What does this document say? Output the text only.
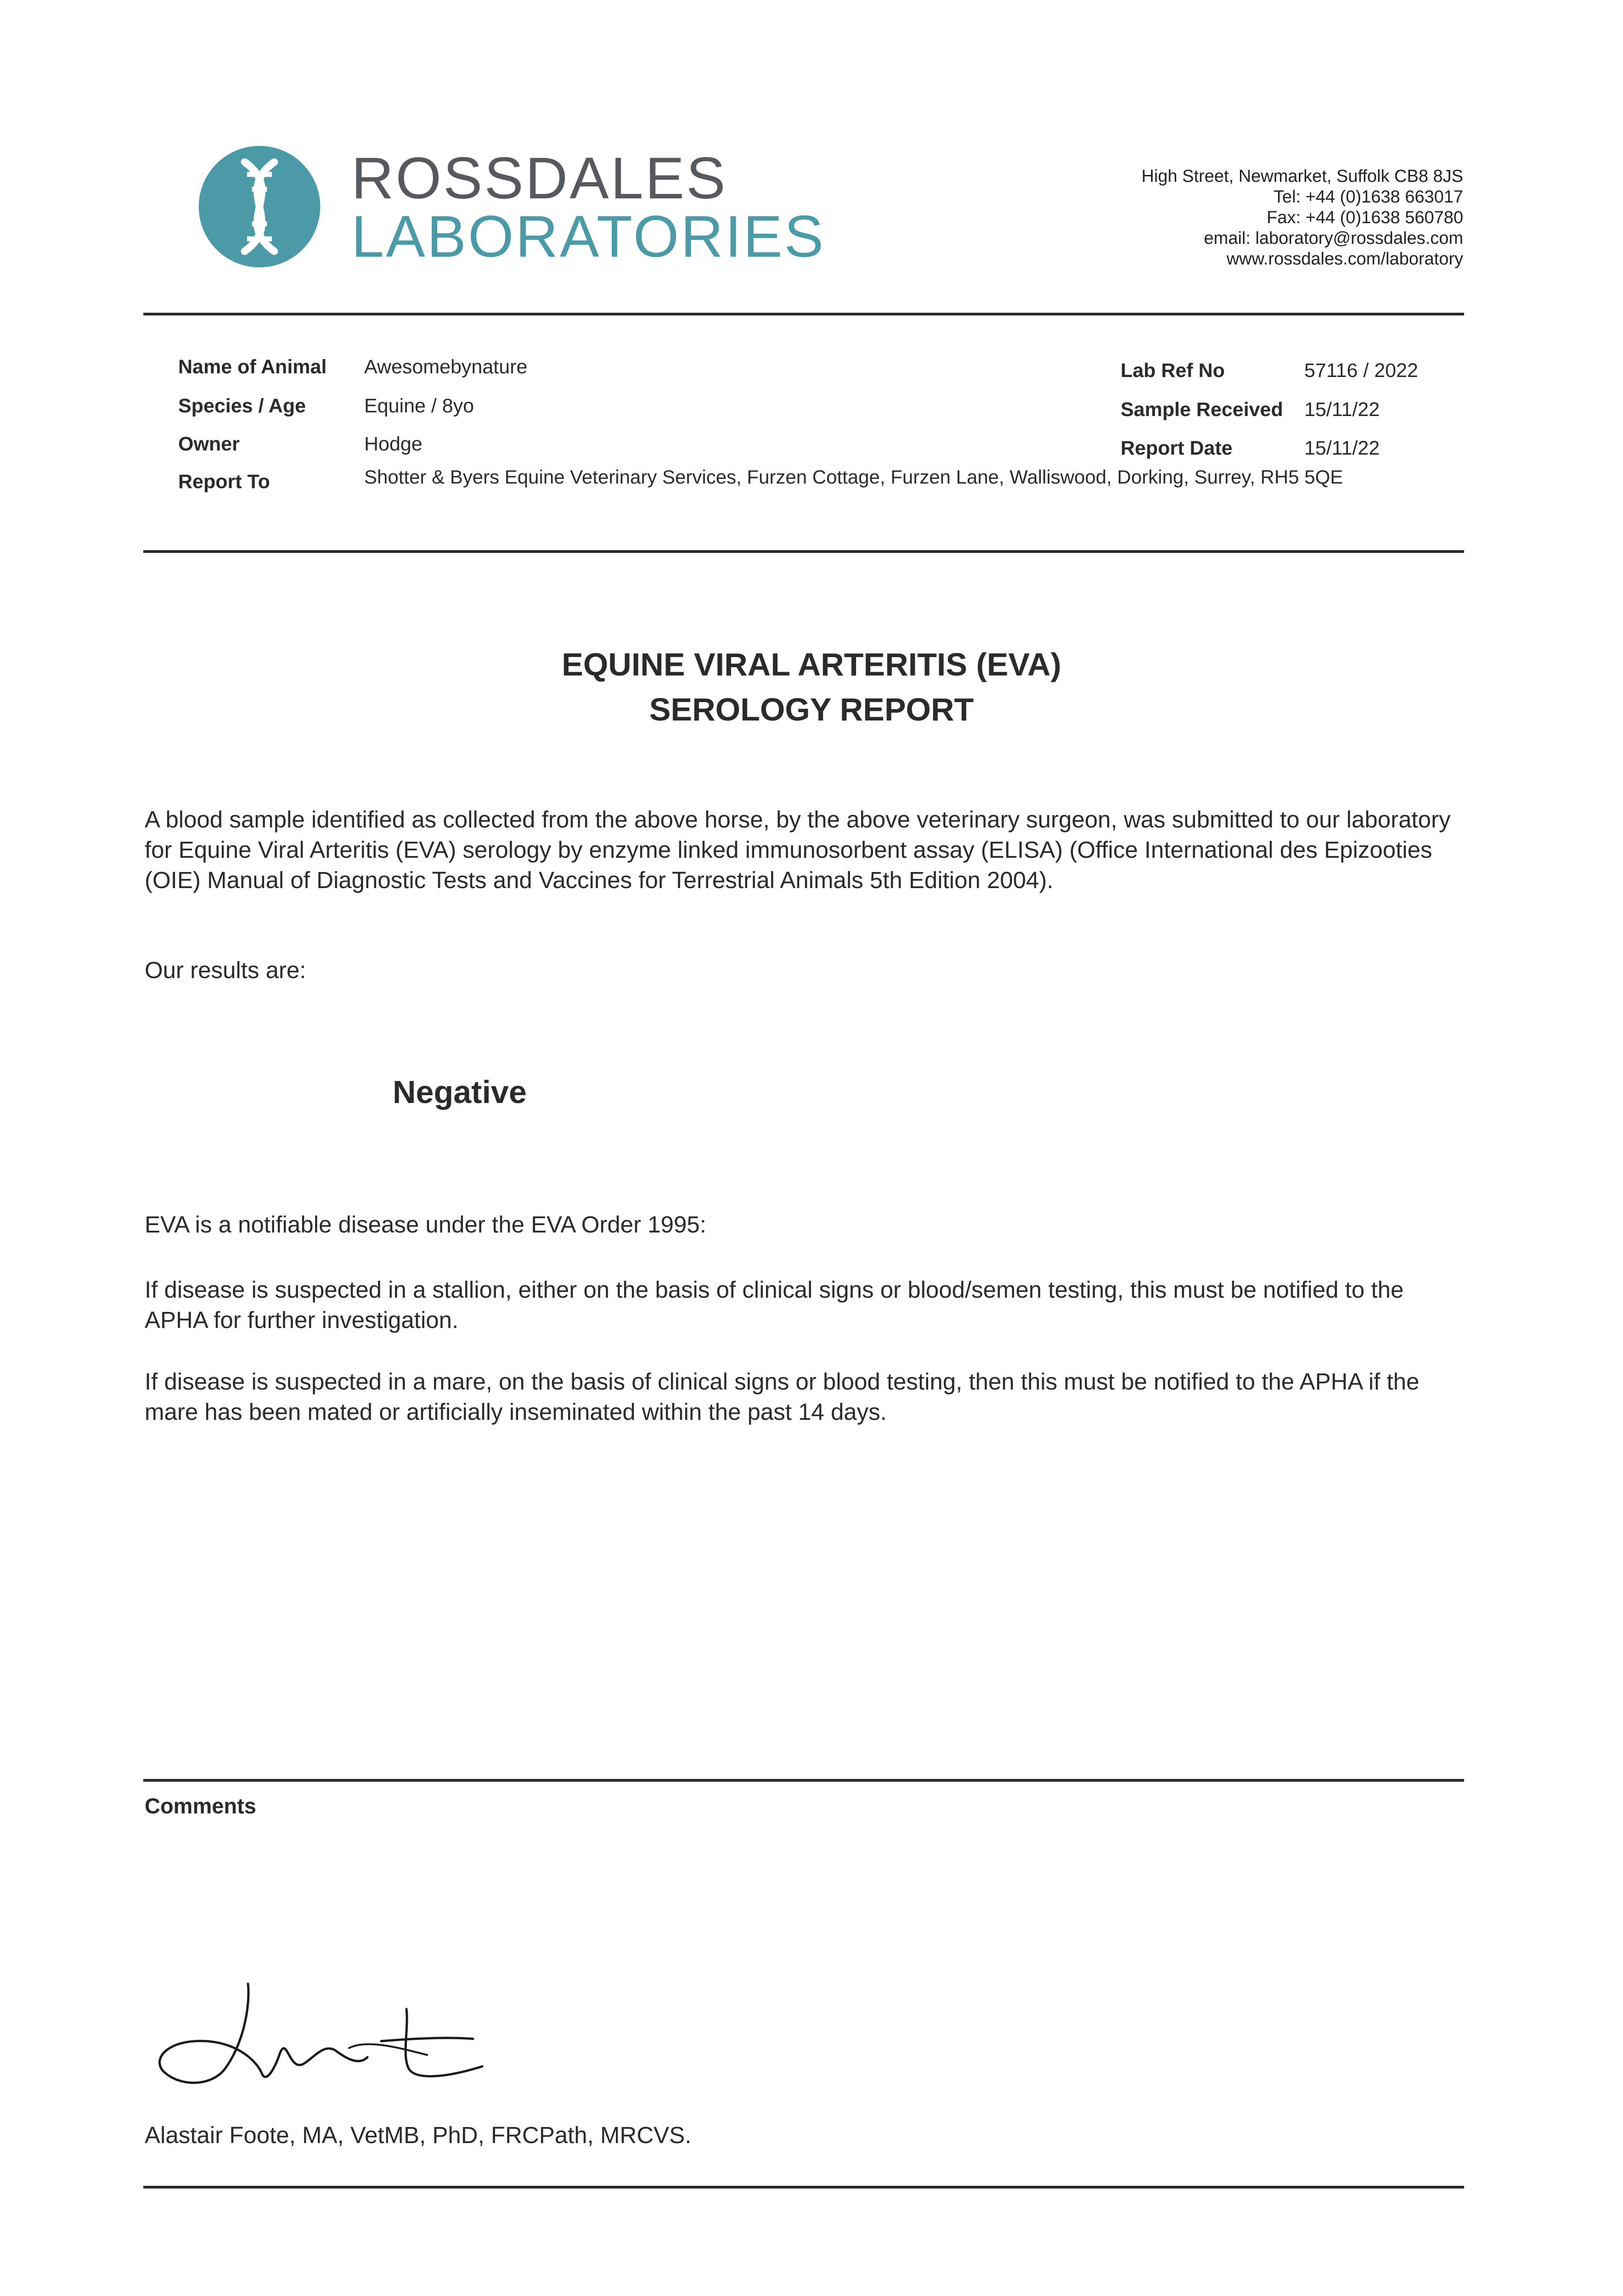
ROSSDALES
LABORATORIES
High Street, Newmarket, Suffolk CB8 8JS
Tel: +44 (0)1638 663017
Fax: +44 (0)1638 560780
email: laboratory@rossdales.com
www.rossdales.com/laboratory
Name of Animal Awesomebynature
Species / Age	Equine / 8yo
Owner	Hodge
Report To	Shotter & Byers Equine Veterinary Services, Furzen Cottage, Furzen Lane, Walliswood, Dorking, Surrey, RH5 5QE
Lab Ref No	57116 / 2022
Sample Received 15/11/22
Report Date	15/11/22
EQUINE VIRAL ARTERITIS (EVA)
SEROLOGY REPORT
A blood sample identified as collected from the above horse, by the above veterinary surgeon, was submitted to our laboratory for Equine Viral Arteritis (EVA) serology by enzyme linked immunosorbent assay (ELISA) (Office International des Epizooties (OIE) Manual of Diagnostic Tests and Vaccines for Terrestrial Animals 5th Edition 2004).
Our results are:
Negative
EVA is a notifiable disease under the EVA Order 1995:
If disease is suspected in a stallion, either on the basis of clinical signs or blood/semen testing, this must be notified to the APHA for further investigation.
If disease is suspected in a mare, on the basis of clinical signs or blood testing, then this must be notified to the APHA if the mare has been mated or artificially inseminated within the past 14 days.
Comments
Alastair Foote, MA, VetMB, PhD, FRCPath, MRCVS.
